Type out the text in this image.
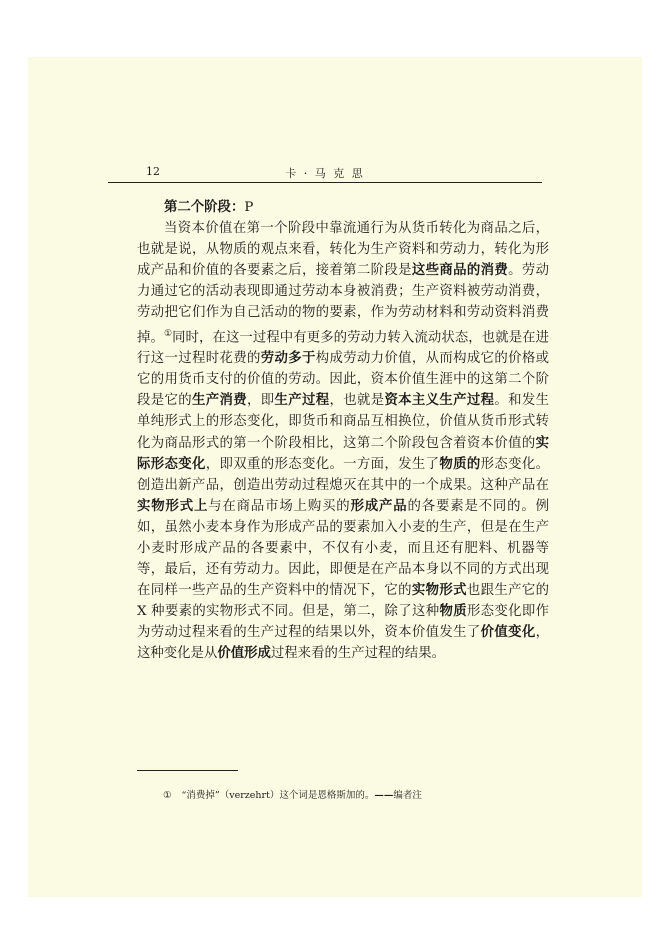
12	卡 · 马 克 思

第二个阶段：P

当资本价值在第一个阶段中靠流通行为从货币转化为商品之后，也就是说，从物质的观点来看，转化为生产资料和劳动力，转化为形成产品和价值的各要素之后，接着第二阶段是这些商品的消费。劳动力通过它的活动表现即通过劳动本身被消费；生产资料被劳动消费，劳动把它们作为自己活动的物的要素，作为劳动材料和劳动资料消费掉。①同时，在这一过程中有更多的劳动力转入流动状态，也就是在进行这一过程时花费的劳动多于构成劳动力价值，从而构成它的价格或它的用货币支付的价值的劳动。因此，资本价值生涯中的这第二个阶段是它的生产消费，即生产过程，也就是资本主义生产过程。和发生单纯形式上的形态变化，即货币和商品互相换位，价值从货币形式转化为商品形式的第一个阶段相比，这第二个阶段包含着资本价值的实际形态变化，即双重的形态变化。一方面，发生了物质的形态变化。创造出新产品，创造出劳动过程熄灭在其中的一个成果。这种产品在实物形式上与在商品市场上购买的形成产品的各要素是不同的。例如，虽然小麦本身作为形成产品的要素加入小麦的生产，但是在生产小麦时形成产品的各要素中，不仅有小麦，而且还有肥料、机器等等，最后，还有劳动力。因此，即便是在产品本身以不同的方式出现在同样一些产品的生产资料中的情况下，它的实物形式也跟生产它的 X 种要素的实物形式不同。但是，第二，除了这种物质形态变化即作为劳动过程来看的生产过程的结果以外，资本价值发生了价值变化，这种变化是从价值形成过程来看的生产过程的结果。

① “消费掉”（verzehrt）这个词是恩格斯加的。——编者注
